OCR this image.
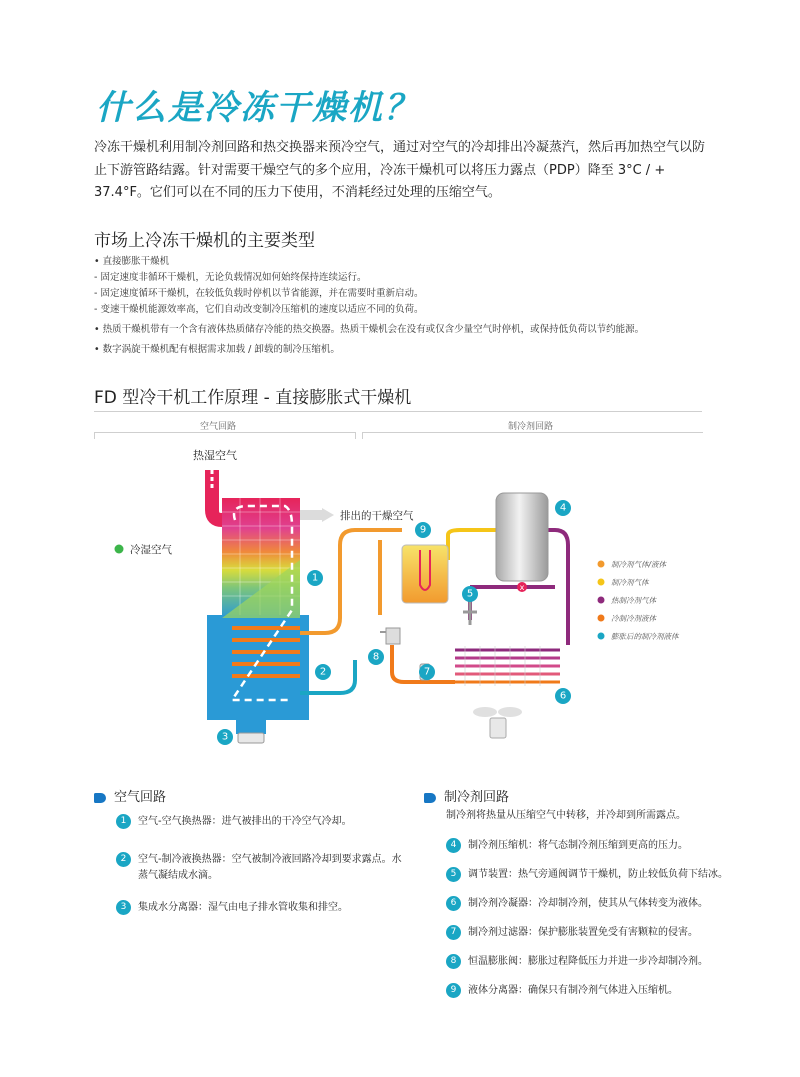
什么是冷冻干燥机？

冷冻干燥机利用制冷剂回路和热交换器来预冷空气，通过对空气的冷却排出冷凝蒸汽，然后再加热空气以防止下游管路结露。针对需要干燥空气的多个应用，冷冻干燥机可以将压力露点（PDP）降至 3°C / + 37.4°F。它们可以在不同的压力下使用，不消耗经过处理的压缩空气。

市场上冷冻干燥机的主要类型
• 直接膨胀干燥机
- 固定速度非循环干燥机，无论负载情况如何始终保持连续运行。
- 固定速度循环干燥机，在较低负载时停机以节省能源，并在需要时重新启动。
- 变速干燥机能源效率高，它们自动改变制冷压缩机的速度以适应不同的负荷。
• 热质干燥机带有一个含有液体热质储存冷能的热交换器。热质干燥机会在没有或仅含少量空气时停机，或保持低负荷以节约能源。
• 数字涡旋干燥机配有根据需求加载 / 卸载的制冷压缩机。
FD 型冷干机工作原理 - 直接膨胀式干燥机
空气回路	制冷剂回路
热湿空气
排出的干燥空气
冷湿空气
x
1
2
3
4
5
6
7
8
9
制冷剂气体/液体
制冷剂气体
热制冷剂气体
冷制冷剂液体
膨胀后的制冷剂液体
空气回路
1 空气-空气换热器：进气被排出的干冷空气冷却。
2 空气-制冷液换热器：空气被制冷液回路冷却到要求露点。水蒸气凝结成水滴。
3 集成水分离器：湿气由电子排水管收集和排空。
制冷剂回路
制冷剂将热量从压缩空气中转移，并冷却到所需露点。
4 制冷剂压缩机：将气态制冷剂压缩到更高的压力。
5 调节装置：热气旁通阀调节干燥机，防止较低负荷下结冰。
6 制冷剂冷凝器：冷却制冷剂，使其从气体转变为液体。
7 制冷剂过滤器：保护膨胀装置免受有害颗粒的侵害。
8 恒温膨胀阀：膨胀过程降低压力并进一步冷却制冷剂。
9 液体分离器：确保只有制冷剂气体进入压缩机。
